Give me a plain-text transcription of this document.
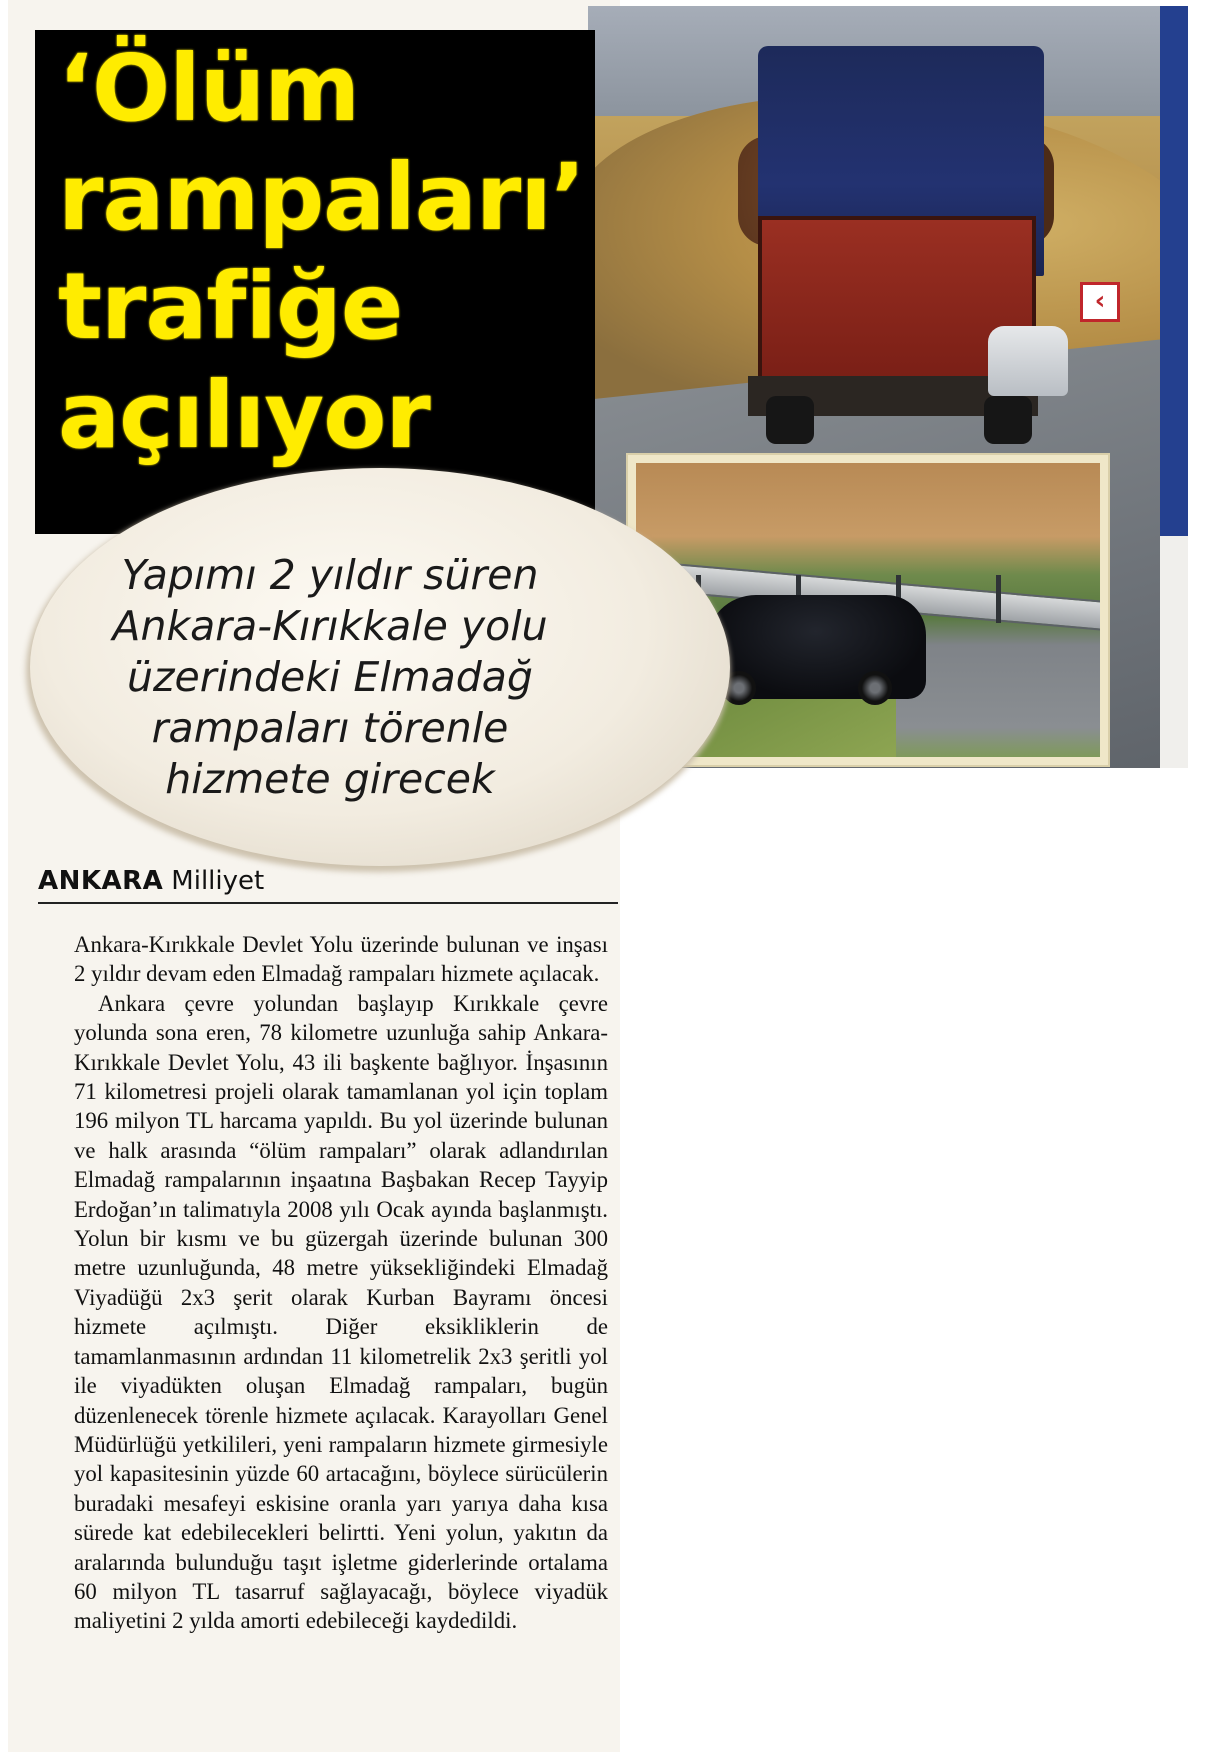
‹
‘Ölüm
rampaları’
trafiğe
açılıyor

Yapımı 2 yıldır süren
Ankara-Kırıkkale yolu
üzerindeki Elmadağ
rampaları törenle
hizmete girecek

ANKARA Milliyet

Ankara-Kırıkkale Devlet Yolu üzerinde bulunan ve inşası 2 yıldır devam eden Elmadağ rampaları hizmete açılacak.

Ankara çevre yolundan başlayıp Kırıkkale çevre yolunda sona eren, 78 kilometre uzunluğa sahip Ankara-Kırıkkale Devlet Yolu, 43 ili başkente bağlıyor. İnşasının 71 kilometresi projeli olarak tamamlanan yol için toplam 196 milyon TL harcama yapıldı. Bu yol üzerinde bulunan ve halk arasında “ölüm rampaları” olarak adlandırılan Elmadağ rampalarının inşaatına Başbakan Recep Tayyip Erdoğan’ın talimatıyla 2008 yılı Ocak ayında başlanmıştı. Yolun bir kısmı ve bu güzergah üzerinde bulunan 300 metre uzunluğunda, 48 metre yüksekliğindeki Elmadağ Viyadüğü 2x3 şerit olarak Kurban Bayramı öncesi hizmete açılmıştı. Diğer eksikliklerin de tamamlanmasının ardından 11 kilometrelik 2x3 şeritli yol ile viyadükten oluşan Elmadağ rampaları, bugün düzenlenecek törenle hizmete açılacak. Karayolları Genel Müdürlüğü yetkilileri, yeni rampaların hizmete girmesiyle yol kapasitesinin yüzde 60 artacağını, böylece sürücülerin buradaki mesafeyi eskisine oranla yarı yarıya daha kısa sürede kat edebilecekleri belirtti. Yeni yolun, yakıtın da aralarında bulunduğu taşıt işletme giderlerinde ortalama 60 milyon TL tasarruf sağlayacağı, böylece viyadük maliyetini 2 yılda amorti edebileceği kaydedildi.
